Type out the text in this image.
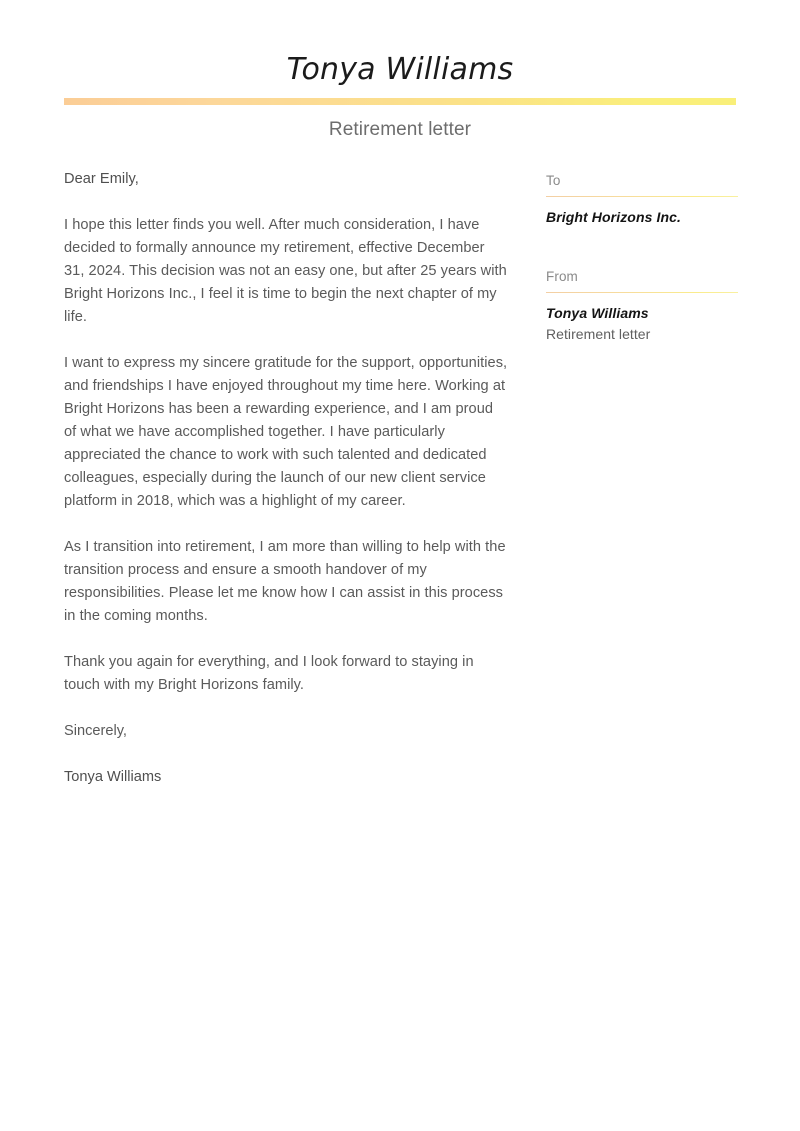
Tonya Williams
Retirement letter

Dear Emily,

I hope this letter finds you well. After much consideration, I have decided to formally announce my retirement, effective December 31, 2024. This decision was not an easy one, but after 25 years with Bright Horizons Inc., I feel it is time to begin the next chapter of my life.

I want to express my sincere gratitude for the support, opportunities, and friendships I have enjoyed throughout my time here. Working at Bright Horizons has been a rewarding experience, and I am proud of what we have accomplished together. I have particularly appreciated the chance to work with such talented and dedicated colleagues, especially during the launch of our new client service platform in 2018, which was a highlight of my career.

As I transition into retirement, I am more than willing to help with the transition process and ensure a smooth handover of my responsibilities. Please let me know how I can assist in this process in the coming months.

Thank you again for everything, and I look forward to staying in touch with my Bright Horizons family.

Sincerely,

Tonya Williams

To
Bright Horizons Inc.
From
Tonya Williams
Retirement letter
